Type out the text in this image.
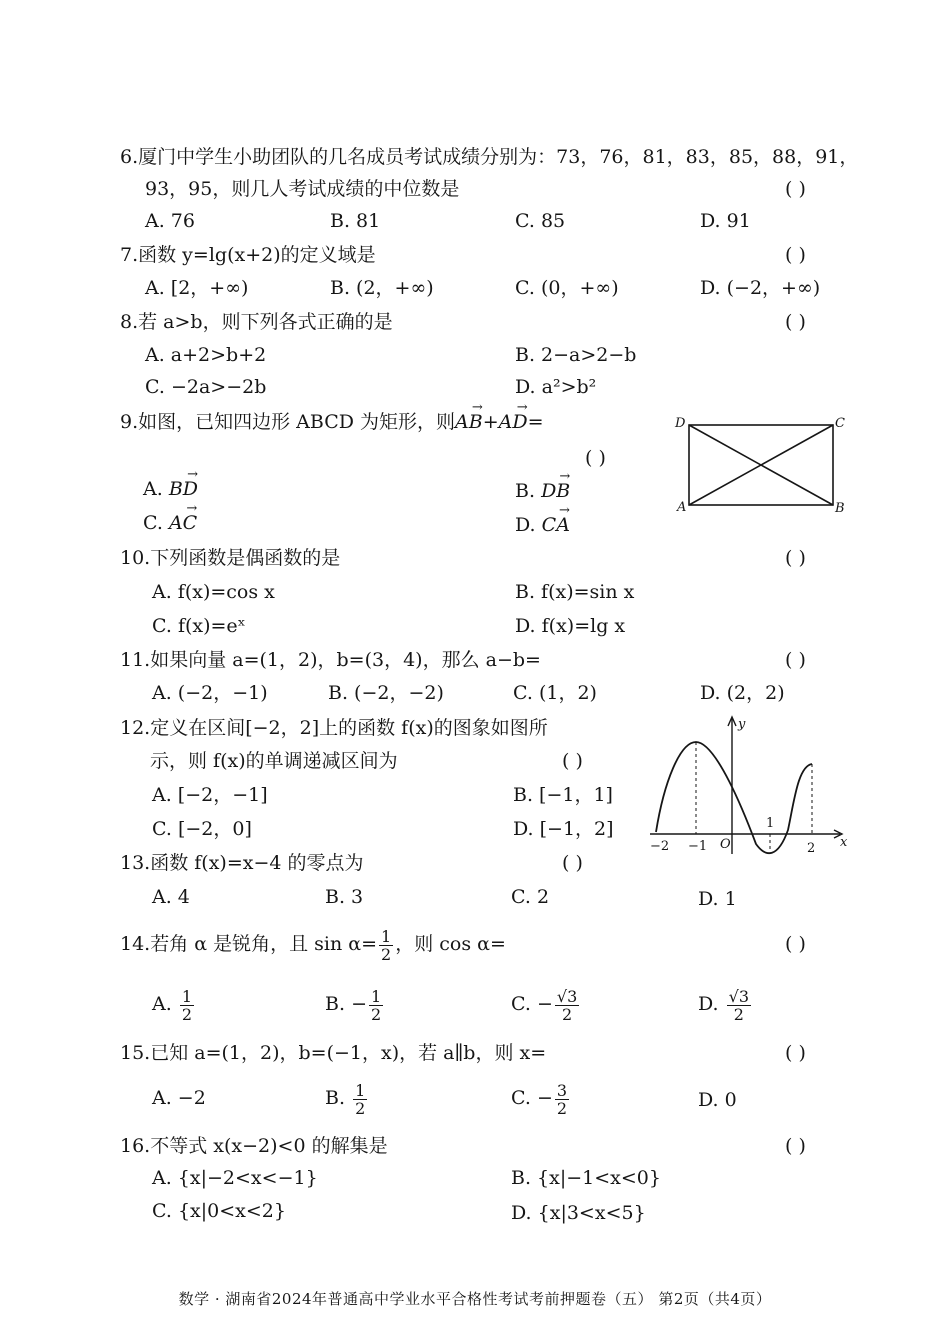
6.厦门中学生小助团队的几名成员考试成绩分别为：73，76，81，83，85，88，91，
93，95，则几人考试成绩的中位数是	( )
A. 76	B. 81	C. 85	D. 91
7.函数 y=lg(x+2)的定义域是	( )
A. [2，+∞)	B. (2，+∞)	C. (0，+∞)	D. (−2，+∞)
8.若 a>b，则下列各式正确的是	( )
A. a+2>b+2	B. 2−a>2−b
C. −2a>−2b	D. a²>b²
9.如图，已知四边形 ABCD 为矩形，则
→
AB+
→
AD=
( )
A.
→
BD	B.
→
DB
C.
→
AC	D.
→
CA
D	C
A	B
10.下列函数是偶函数的是	( )
A. f(x)=cos x	B. f(x)=sin x
C. f(x)=eˣ	D. f(x)=lg x
11.如果向量 a=(1，2)，b=(3，4)，那么 a−b=	( )
A. (−2，−1)	B. (−2，−2)	C. (1，2)	D. (2，2)
12.定义在区间[−2，2]上的函数 f(x)的图象如图所
示，则 f(x)的单调递减区间为	( )
A. [−2，−1]	B. [−1，1]
C. [−2，0]	D. [−1，2]
y
x
O
−2 −1
1
2
13.函数 f(x)=x−4 的零点为	( )
A. 4	B. 3	C. 2	D. 1
14.若角 α 是锐角，且 $\sin \alpha= \frac{1}{2}$ ，则 cos α=	( )
A. $\frac{1}{2}$	B. − $\frac{1}{2}$	C. − $\frac{√3}{2}$	D. $\frac{√3}{2}$
15.已知 a=(1，2)，b=(−1，x)，若 a∥b，则 x=	( )
A. −2	B. $\frac{1}{2}$	C. − $\frac{3}{2}$	D. 0
16.不等式 x(x−2)<0 的解集是	( )
A. {x|−2<x<−1}	B. {x|−1<x<0}
C. {x|0<x<2}	D. {x|3<x<5}
数学 · 湖南省2024年普通高中学业水平合格性考试考前押题卷（五） 第2页（共4页）
